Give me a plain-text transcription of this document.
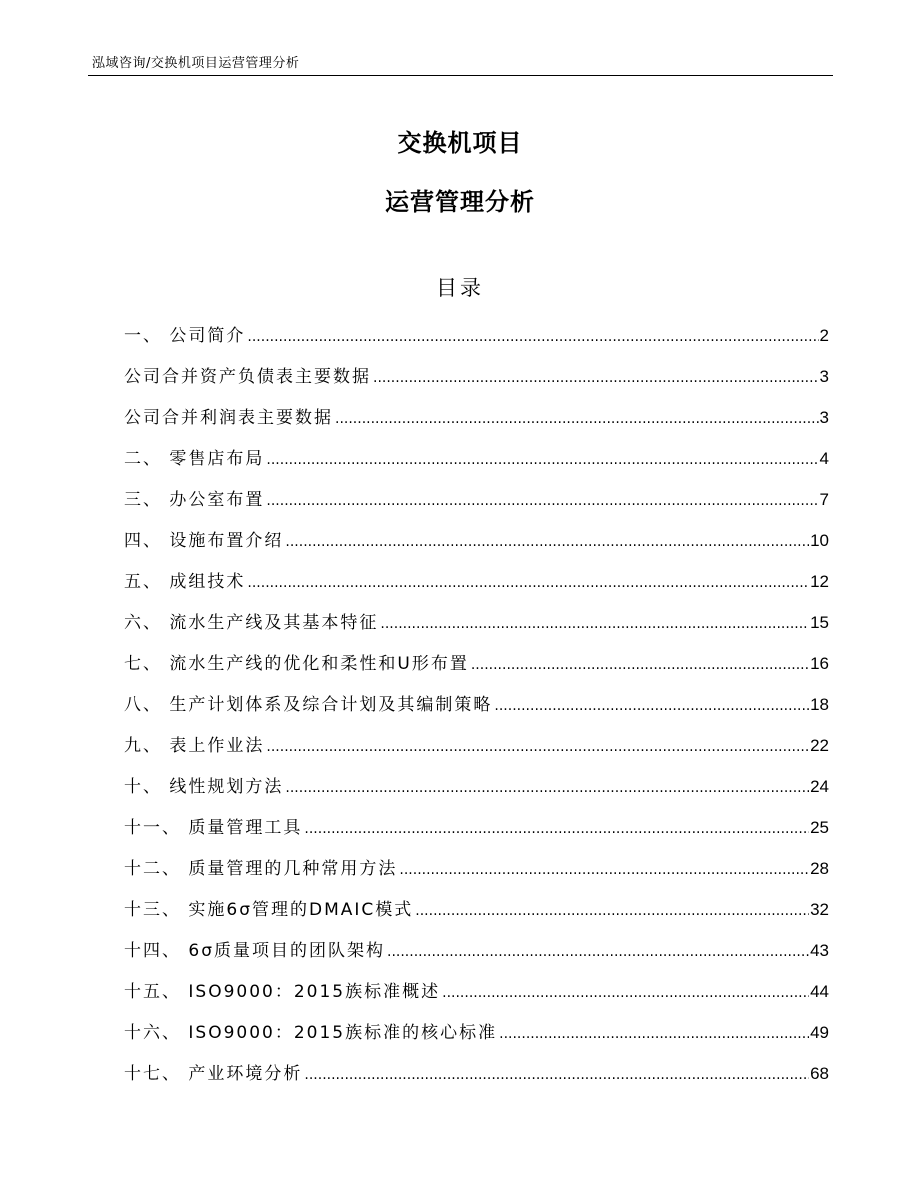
泓域咨询/交换机项目运营管理分析
交换机项目
运营管理分析
目录
一、 公司简介 .....	2
公司合并资产负债表主要数据 .....	3
公司合并利润表主要数据 .....	3
二、 零售店布局 .....	4
三、 办公室布置 .....	7
四、 设施布置介绍 .....	10
五、 成组技术 .....	12
六、 流水生产线及其基本特征 .....	15
七、 流水生产线的优化和柔性和U形布置 .....	16
八、 生产计划体系及综合计划及其编制策略 .....	18
九、 表上作业法 .....	22
十、 线性规划方法 .....	24
十一、 质量管理工具 .....	25
十二、 质量管理的几种常用方法 .....	28
十三、 实施6σ管理的DMAIC模式 .....	32
十四、 6σ质量项目的团队架构 .....	43
十五、 ISO9000：2015族标准概述 .....	44
十六、 ISO9000：2015族标准的核心标准 .....	49
十七、 产业环境分析 .....	68
